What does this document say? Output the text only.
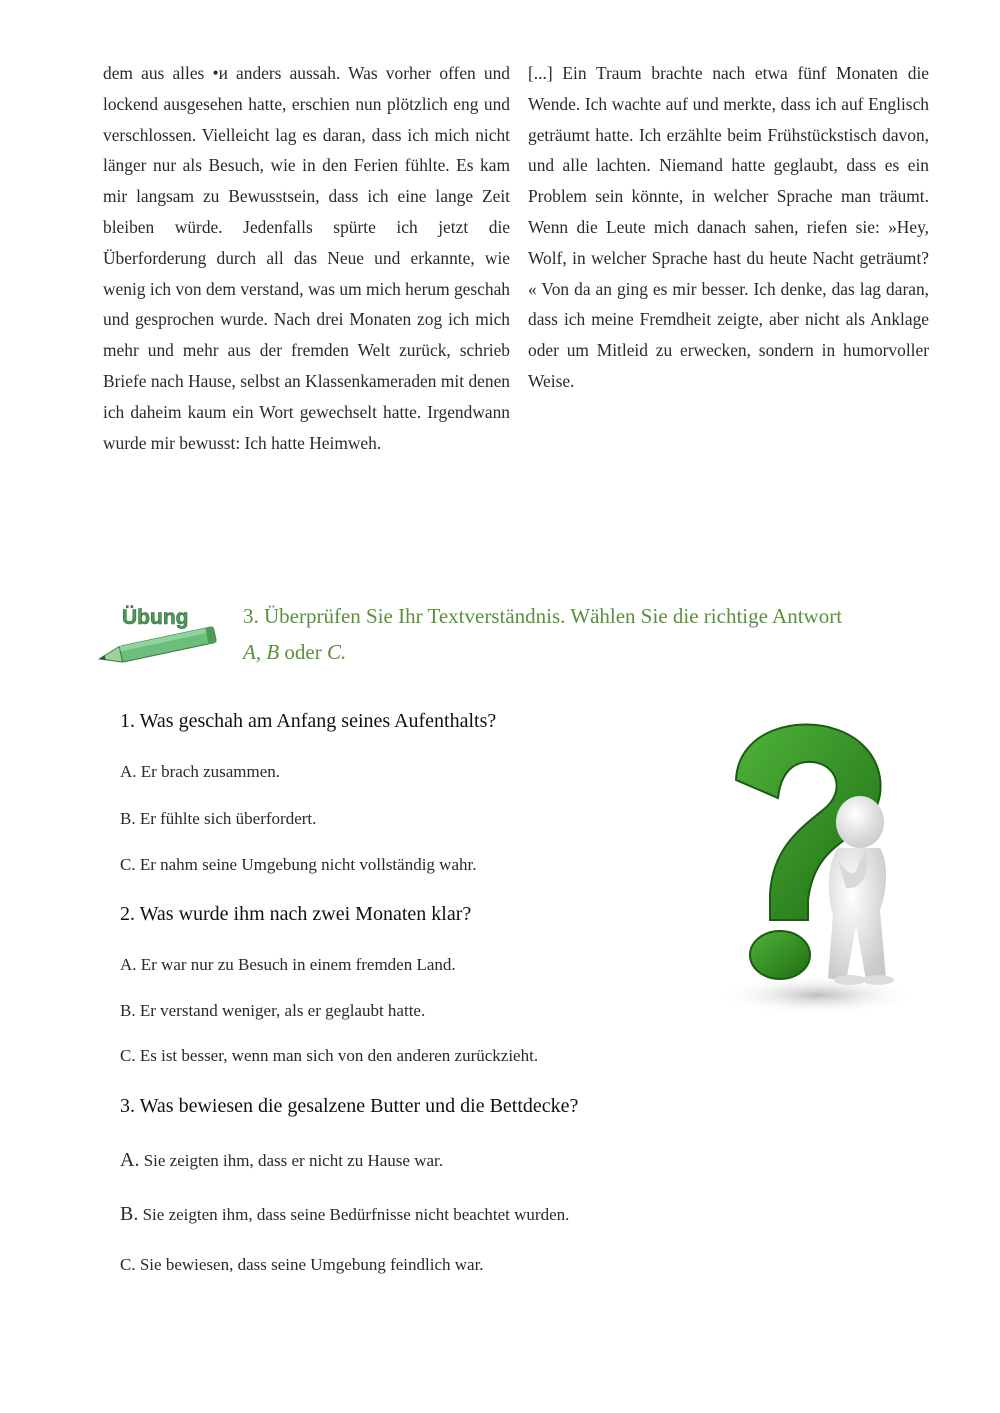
dem aus alles •и anders aussah. Was vorher offen und lockend ausgesehen hatte, erschien nun plötzlich eng und verschlossen. Vielleicht lag es daran, dass ich mich nicht länger nur als Besuch, wie in den Ferien fühlte. Es kam mir langsam zu Bewusstsein, dass ich eine lange Zeit bleiben würde. Jedenfalls spürte ich jetzt die Überforderung durch all das Neue und erkannte, wie wenig ich von dem verstand, was um mich herum geschah und gesprochen wurde. Nach drei Monaten zog ich mich mehr und mehr aus der fremden Welt zurück, schrieb Briefe nach Hause, selbst an Klassenkameraden mit denen ich daheim kaum ein Wort gewechselt hatte. Irgendwann wurde mir bewusst: Ich hatte Heimweh.

[...] Ein Traum brachte nach etwa fünf Monaten die Wende. Ich wachte auf und merkte, dass ich auf Englisch geträumt hatte. Ich erzählte beim Frühstückstisch davon, und alle lachten. Niemand hatte geglaubt, dass es ein Problem sein könnte, in welcher Sprache man träumt. Wenn die Leute mich danach sahen, riefen sie: »Hey, Wolf, in welcher Sprache hast du heute Nacht geträumt? « Von da an ging es mir besser. Ich denke, das lag daran, dass ich meine Fremdheit zeigte, aber nicht als Anklage oder um Mitleid zu erwecken, sondern in humorvoller Weise.

Übung	3. Überprüfen Sie Ihr Textverständnis. Wählen Sie die richtige Antwort
A, B oder C.
1. Was geschah am Anfang seines Aufenthalts?
A. Er brach zusammen.
B. Er fühlte sich überfordert.
C. Er nahm seine Umgebung nicht vollständig wahr.
2. Was wurde ihm nach zwei Monaten klar?
A. Er war nur zu Besuch in einem fremden Land.
B. Er verstand weniger, als er geglaubt hatte.
C. Es ist besser, wenn man sich von den anderen zurückzieht.
3. Was bewiesen die gesalzene Butter und die Bettdecke?
A. Sie zeigten ihm, dass er nicht zu Hause war.
B. Sie zeigten ihm, dass seine Bedürfnisse nicht beachtet wurden.
C. Sie bewiesen, dass seine Umgebung feindlich war.
